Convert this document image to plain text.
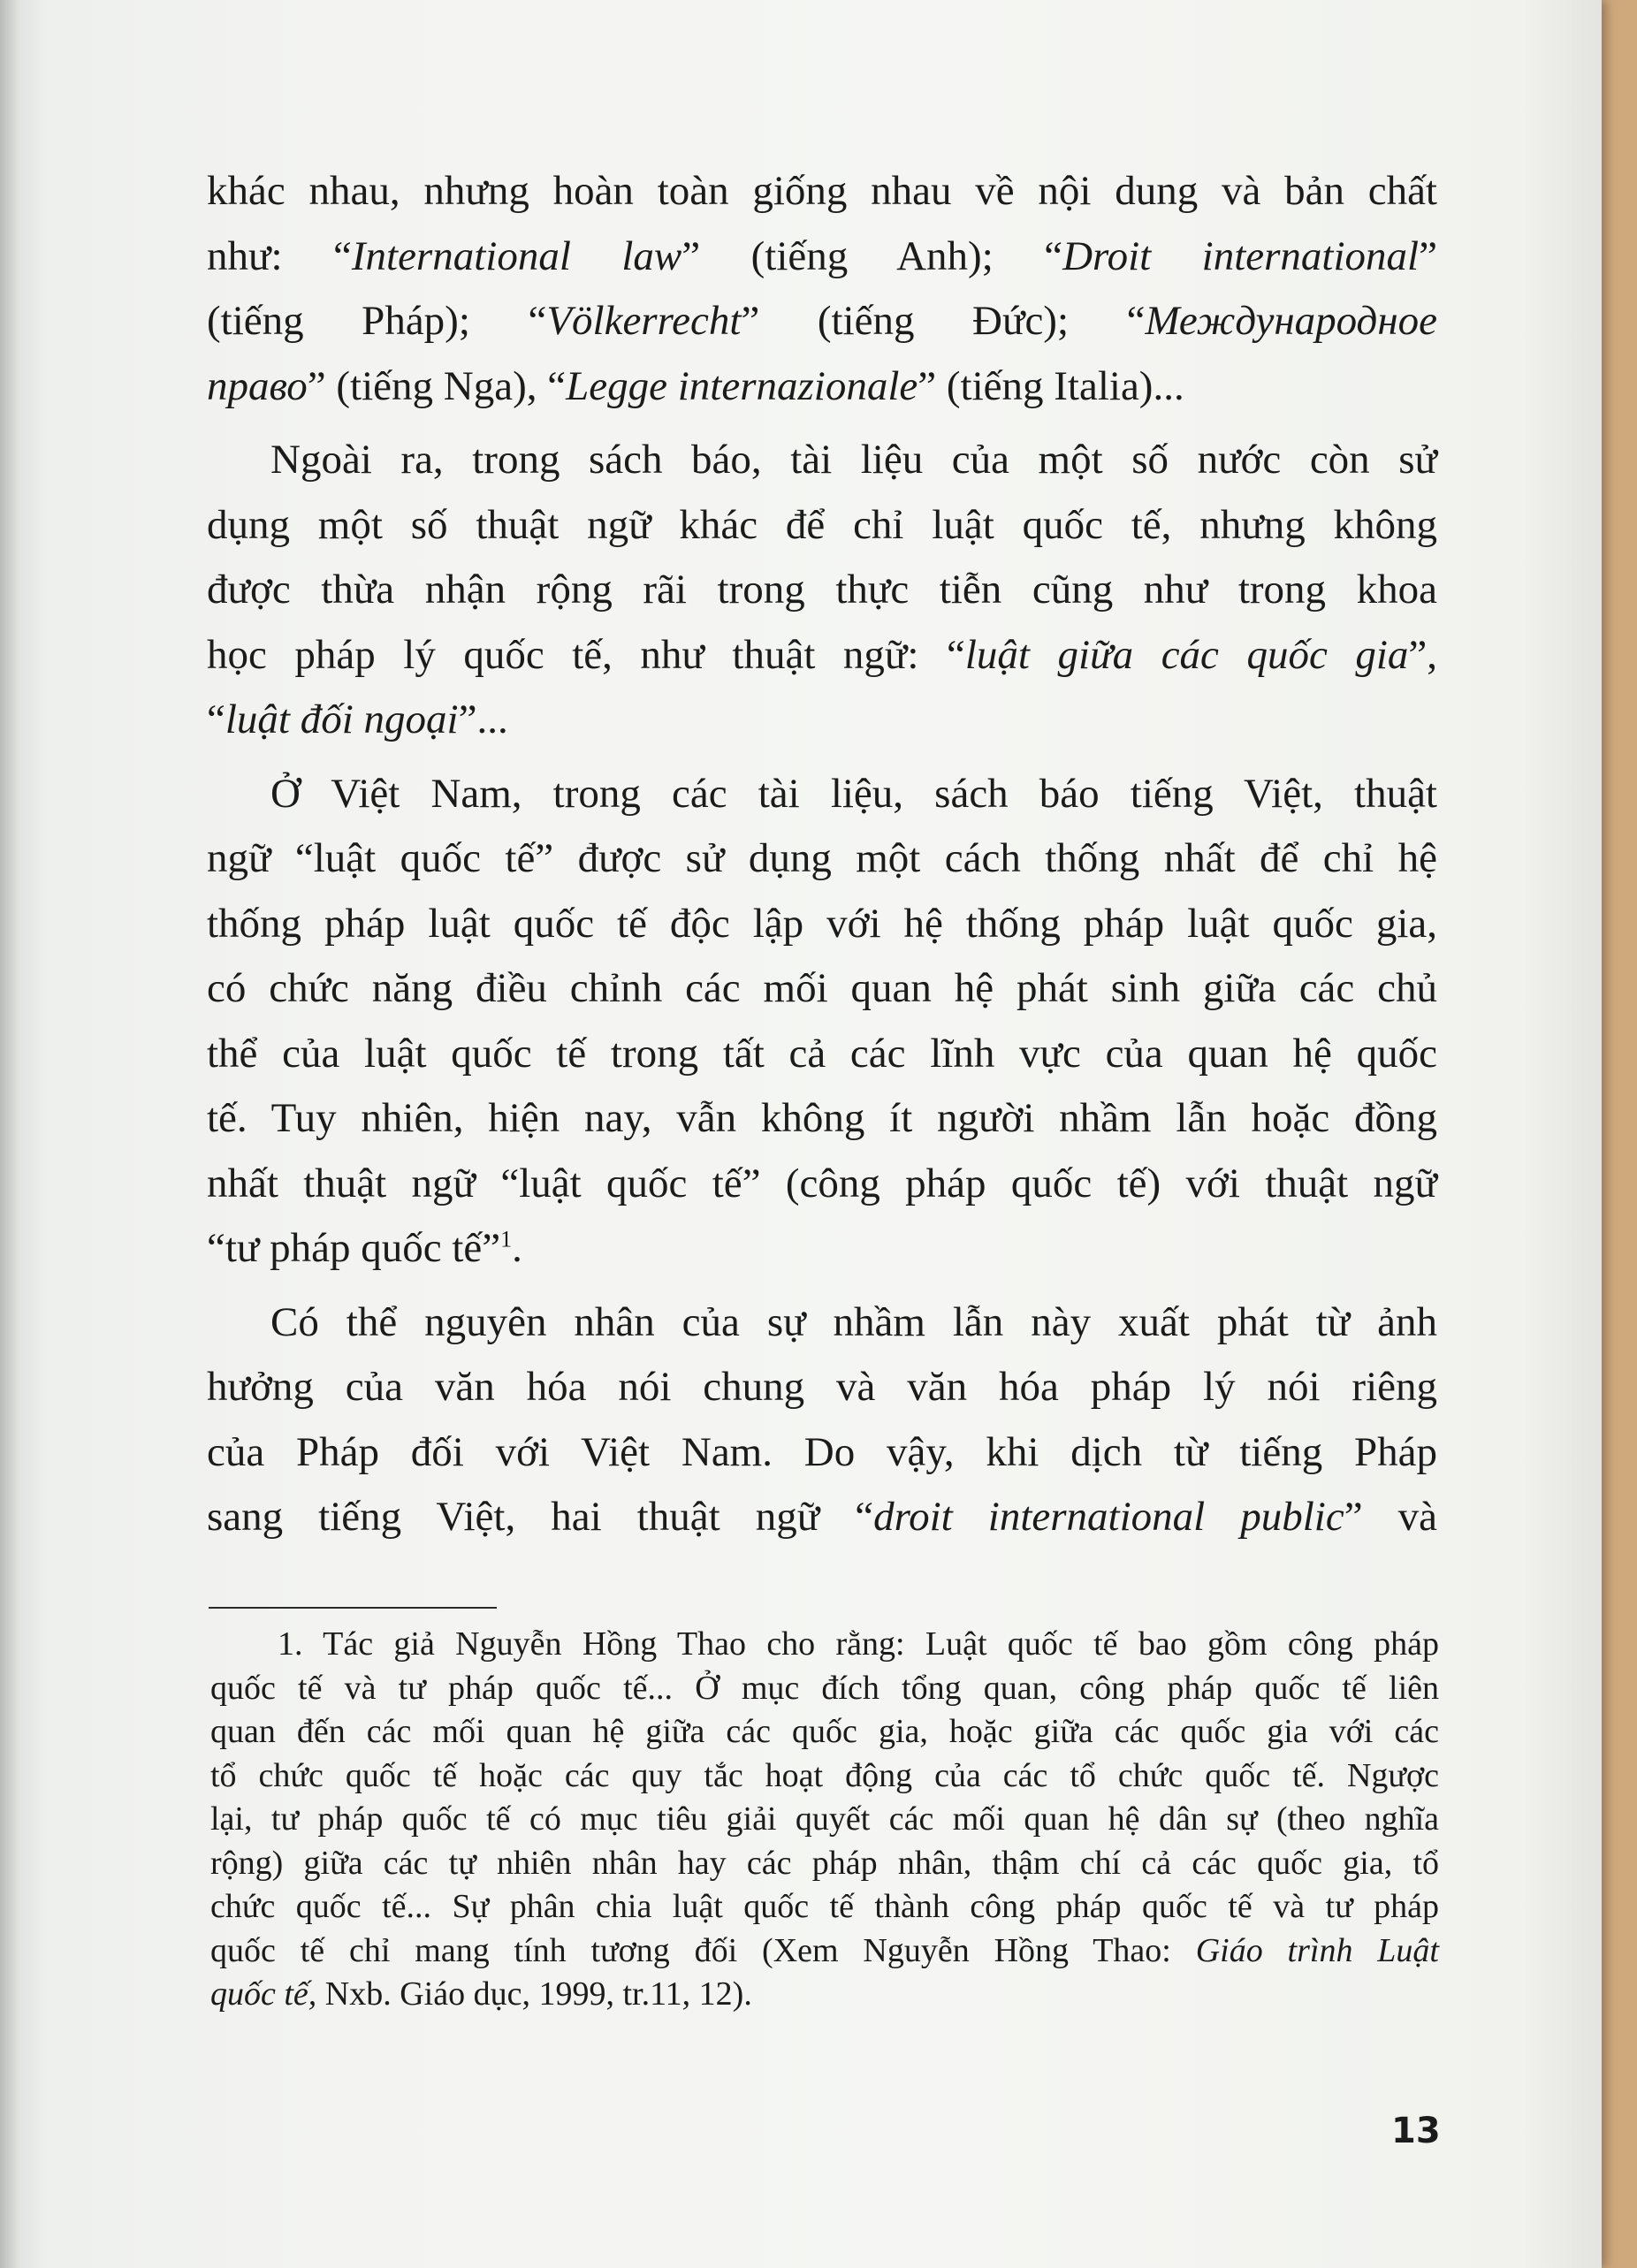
khác nhau, nhưng hoàn toàn giống nhau về nội dung và bản chất
như: “International law” (tiếng Anh); “Droit international”
(tiếng Pháp); “Völkerrecht” (tiếng Đức); “Международное
право” (tiếng Nga), “Legge internazionale” (tiếng Italia)...
Ngoài ra, trong sách báo, tài liệu của một số nước còn sử
dụng một số thuật ngữ khác để chỉ luật quốc tế, nhưng không
được thừa nhận rộng rãi trong thực tiễn cũng như trong khoa
học pháp lý quốc tế, như thuật ngữ: “luật giữa các quốc gia”,
“luật đối ngoại”...
Ở Việt Nam, trong các tài liệu, sách báo tiếng Việt, thuật
ngữ “luật quốc tế” được sử dụng một cách thống nhất để chỉ hệ
thống pháp luật quốc tế độc lập với hệ thống pháp luật quốc gia,
có chức năng điều chỉnh các mối quan hệ phát sinh giữa các chủ
thể của luật quốc tế trong tất cả các lĩnh vực của quan hệ quốc
tế. Tuy nhiên, hiện nay, vẫn không ít người nhầm lẫn hoặc đồng
nhất thuật ngữ “luật quốc tế” (công pháp quốc tế) với thuật ngữ
“tư pháp quốc tế”$^1$.
Có thể nguyên nhân của sự nhầm lẫn này xuất phát từ ảnh
hưởng của văn hóa nói chung và văn hóa pháp lý nói riêng
của Pháp đối với Việt Nam. Do vậy, khi dịch từ tiếng Pháp
sang tiếng Việt, hai thuật ngữ “droit international public” và
1. Tác giả Nguyễn Hồng Thao cho rằng: Luật quốc tế bao gồm công pháp
quốc tế và tư pháp quốc tế... Ở mục đích tổng quan, công pháp quốc tế liên
quan đến các mối quan hệ giữa các quốc gia, hoặc giữa các quốc gia với các
tổ chức quốc tế hoặc các quy tắc hoạt động của các tổ chức quốc tế. Ngược
lại, tư pháp quốc tế có mục tiêu giải quyết các mối quan hệ dân sự (theo nghĩa
rộng) giữa các tự nhiên nhân hay các pháp nhân, thậm chí cả các quốc gia, tổ
chức quốc tế... Sự phân chia luật quốc tế thành công pháp quốc tế và tư pháp
quốc tế chỉ mang tính tương đối (Xem Nguyễn Hồng Thao: Giáo trình Luật
quốc tế, Nxb. Giáo dục, 1999, tr.11, 12).
13
